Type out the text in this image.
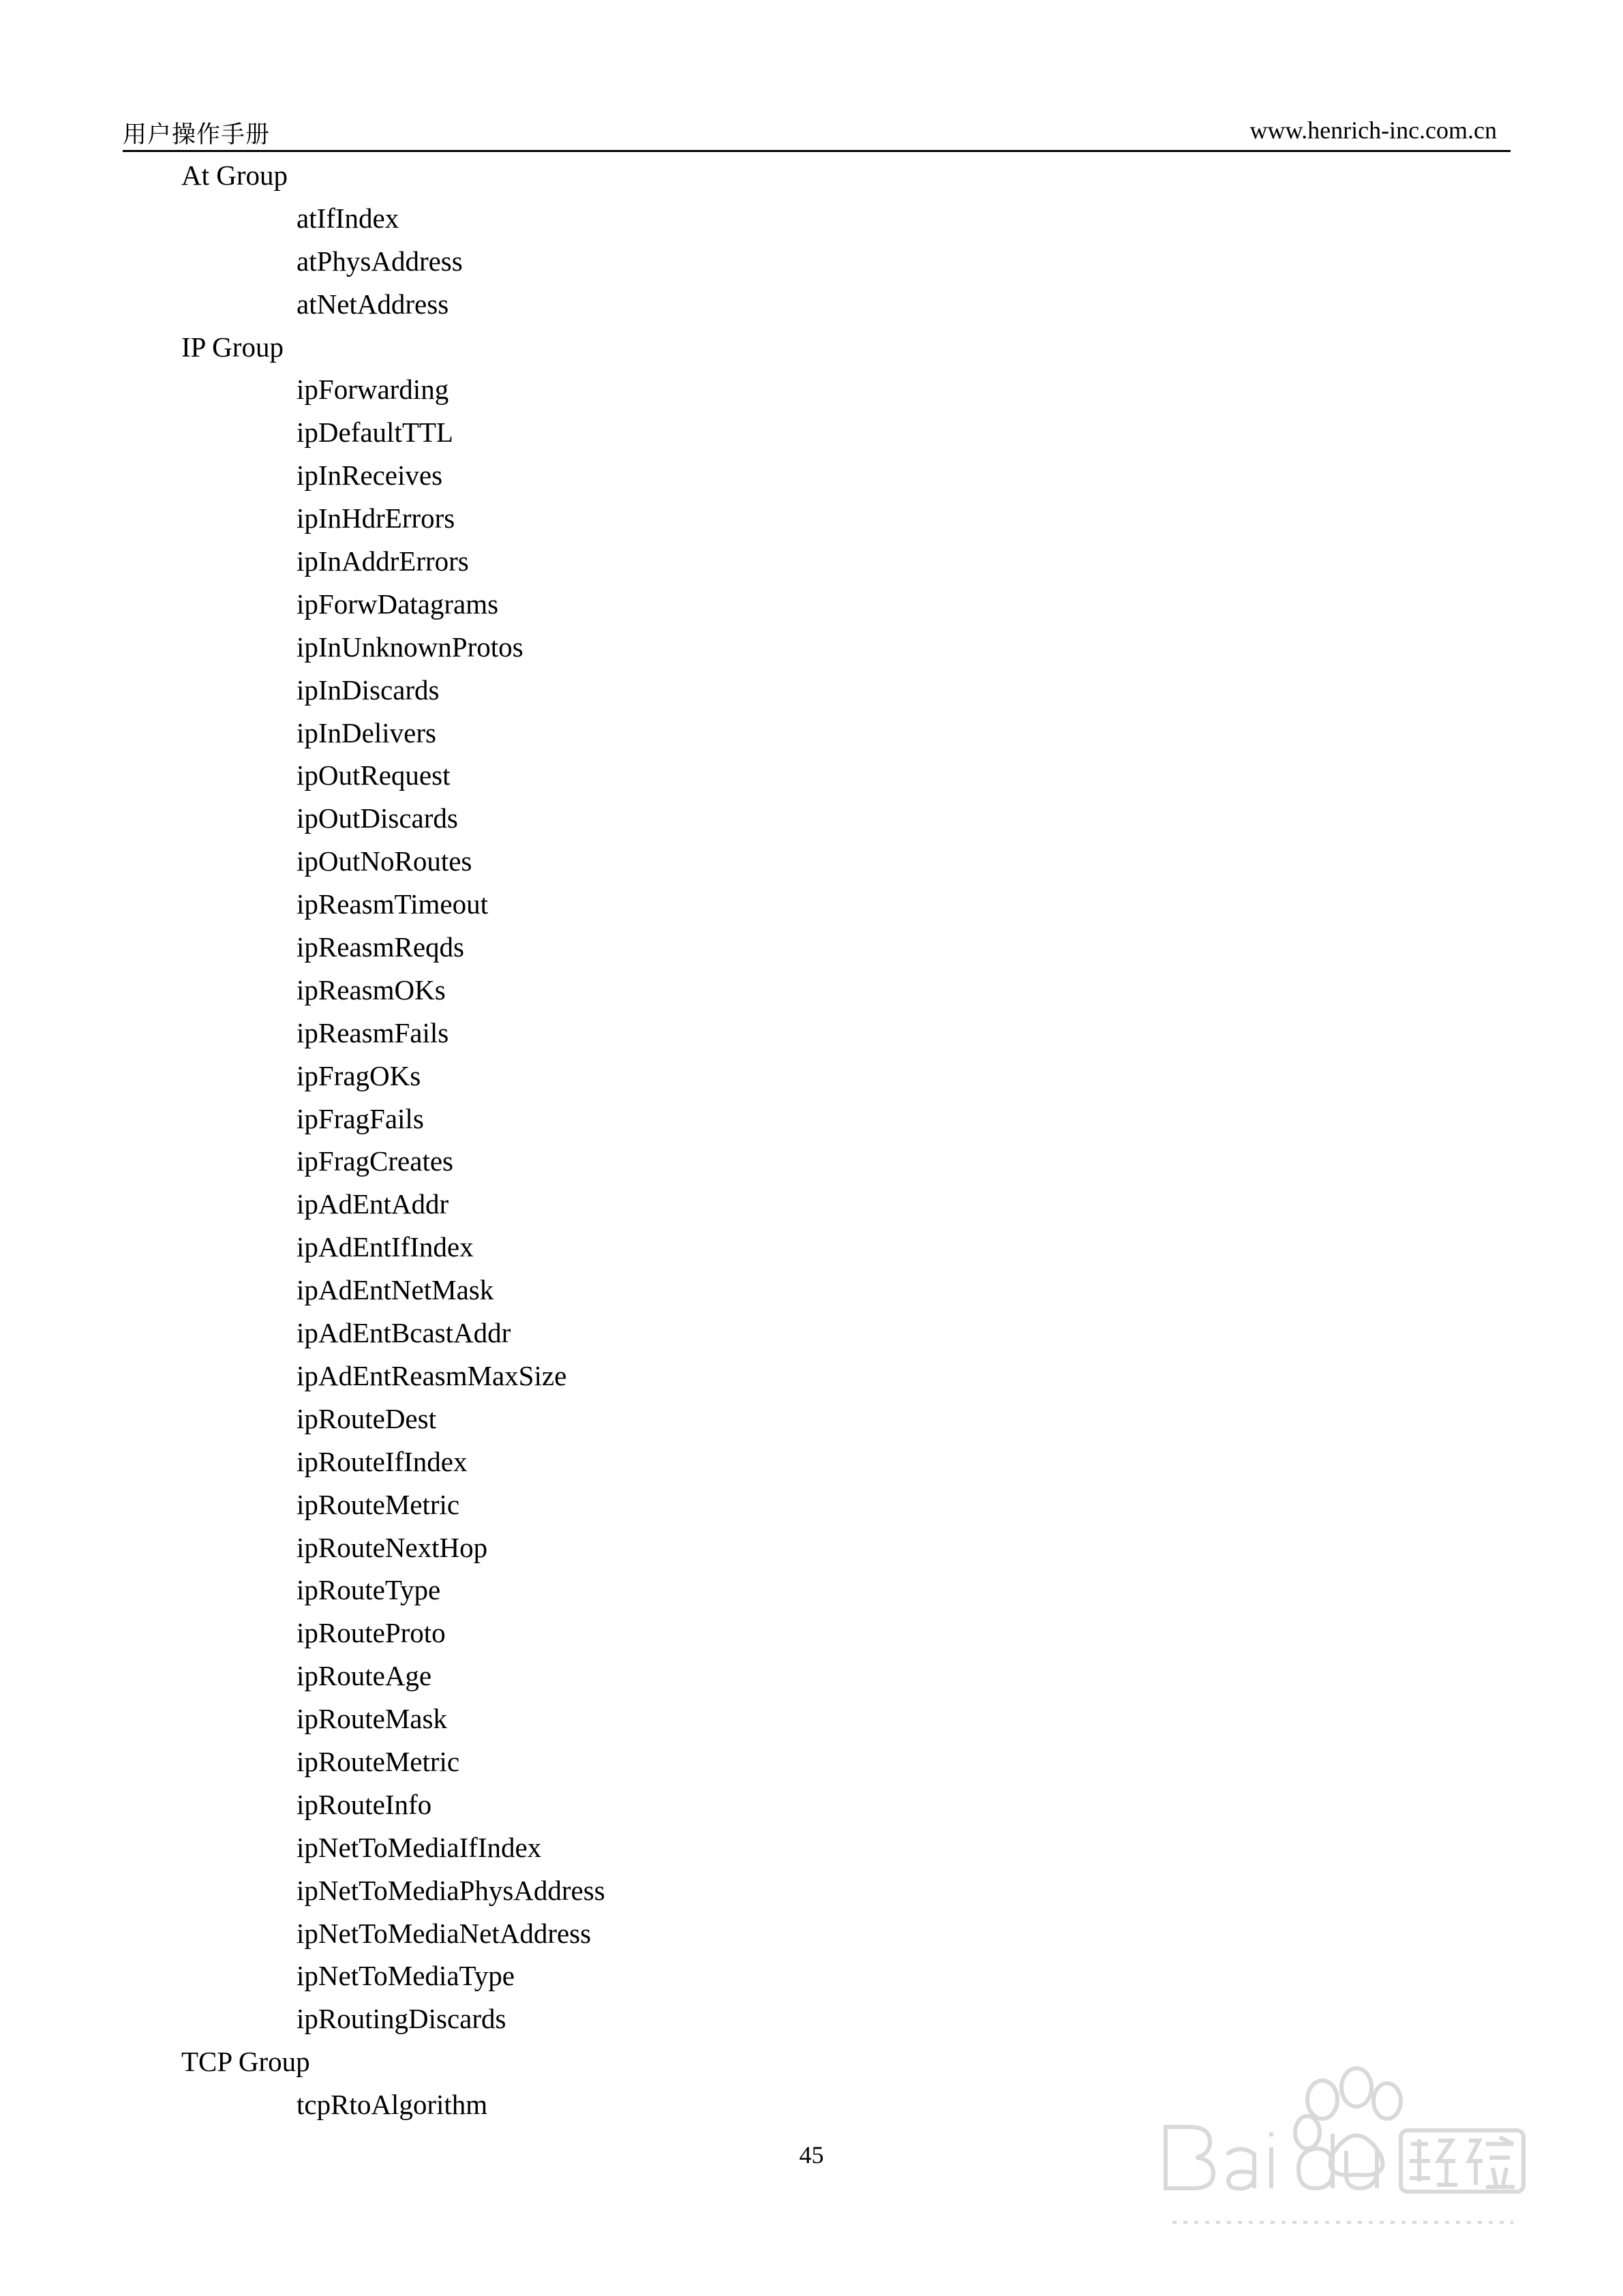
用户操作手册	www.henrich-inc.com.cn
At Group
atIfIndex
atPhysAddress
atNetAddress
IP Group
ipForwarding
ipDefaultTTL
ipInReceives
ipInHdrErrors
ipInAddrErrors
ipForwDatagrams
ipInUnknownProtos
ipInDiscards
ipInDelivers
ipOutRequest
ipOutDiscards
ipOutNoRoutes
ipReasmTimeout
ipReasmReqds
ipReasmOKs
ipReasmFails
ipFragOKs
ipFragFails
ipFragCreates
ipAdEntAddr
ipAdEntIfIndex
ipAdEntNetMask
ipAdEntBcastAddr
ipAdEntReasmMaxSize
ipRouteDest
ipRouteIfIndex
ipRouteMetric
ipRouteNextHop
ipRouteType
ipRouteProto
ipRouteAge
ipRouteMask
ipRouteMetric
ipRouteInfo
ipNetToMediaIfIndex
ipNetToMediaPhysAddress
ipNetToMediaNetAddress
ipNetToMediaType
ipRoutingDiscards
TCP Group
tcpRtoAlgorithm
45
